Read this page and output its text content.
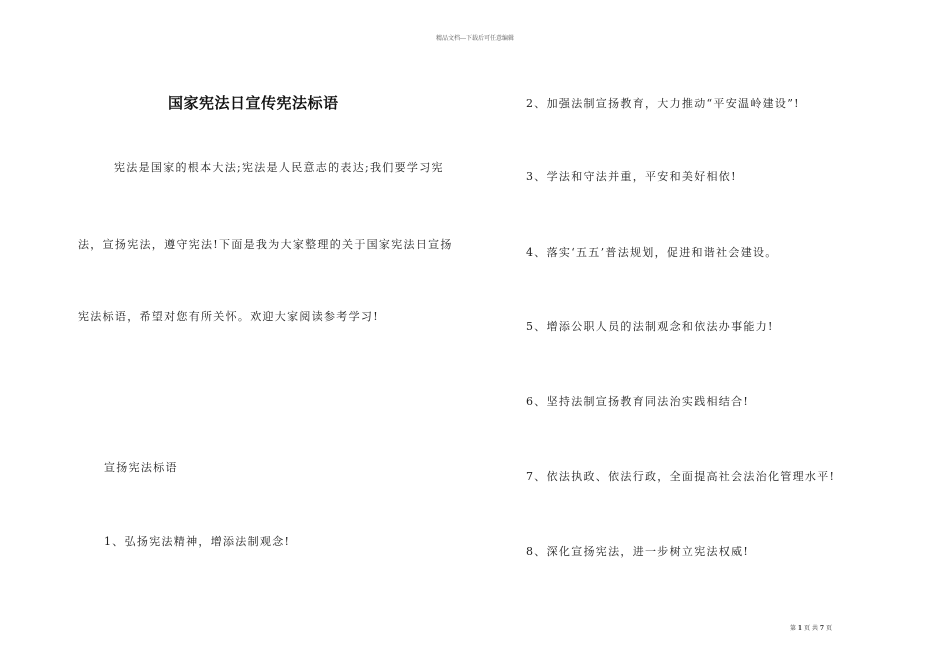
精品文档---下载后可任意编辑
国家宪法日宣传宪法标语
宪法是国家的根本大法;宪法是人民意志的表达;我们要学习宪
法，宣扬宪法，遵守宪法!下面是我为大家整理的关于国家宪法日宣扬
宪法标语，希望对您有所关怀。欢迎大家阅读参考学习!
宣扬宪法标语
1、弘扬宪法精神，增添法制观念!
2、加强法制宣扬教育，大力推动“平安温岭建设”!
3、学法和守法并重，平安和美好相依!
4、落实‘五五’普法规划，促进和谐社会建设。
5、增添公职人员的法制观念和依法办事能力!
6、坚持法制宣扬教育同法治实践相结合!
7、依法执政、依法行政，全面提高社会法治化管理水平!
8、深化宣扬宪法，进一步树立宪法权威!
第 1 页 共 7 页
